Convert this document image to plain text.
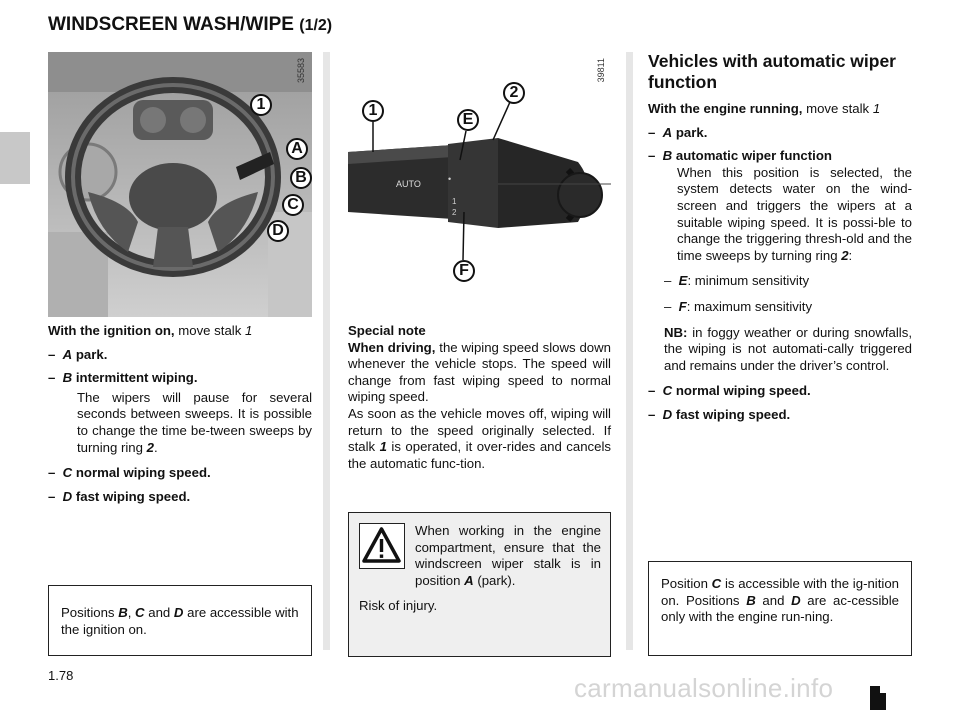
WINDSCREEN WASH/WIPE (1/2)
1
A
B
C
D
35583
AUTO	•
2
1
1
2
E
F
39811

With the ignition on, move stalk 1

– A park.

– B intermittent wiping.

The wipers will pause for several seconds between sweeps. It is possible to change the time be-tween sweeps by turning ring 2.

– C normal wiping speed.

– D fast wiping speed.

Positions B, C and D are accessible with the ignition on.
Special note
When driving, the wiping speed slows down whenever the vehicle stops. The speed will change from fast wiping speed to normal wiping speed.
As soon as the vehicle moves off, wiping will return to the speed originally selected. If stalk 1 is operated, it over-rides and cancels the automatic func-tion.
When working in the engine compartment, ensure that the windscreen wiper stalk is in position A (park).
Risk of injury.
Vehicles with automatic wiper function

With the engine running, move stalk 1

– A park.

– B automatic wiper function

When this position is selected, the system detects water on the wind-screen and triggers the wipers at a suitable wiping speed. It is possi-ble to change the triggering thresh-old and the time sweeps by turning ring 2:

– E: minimum sensitivity

– F: maximum sensitivity

NB: in foggy weather or during snowfalls, the wiping is not automati-cally triggered and remains under the driver’s control.

– C normal wiping speed.

– D fast wiping speed.

Position C is accessible with the ig-nition on. Positions B and D are ac-cessible only with the engine run-ning.
1.78	carmanualsonline.info
